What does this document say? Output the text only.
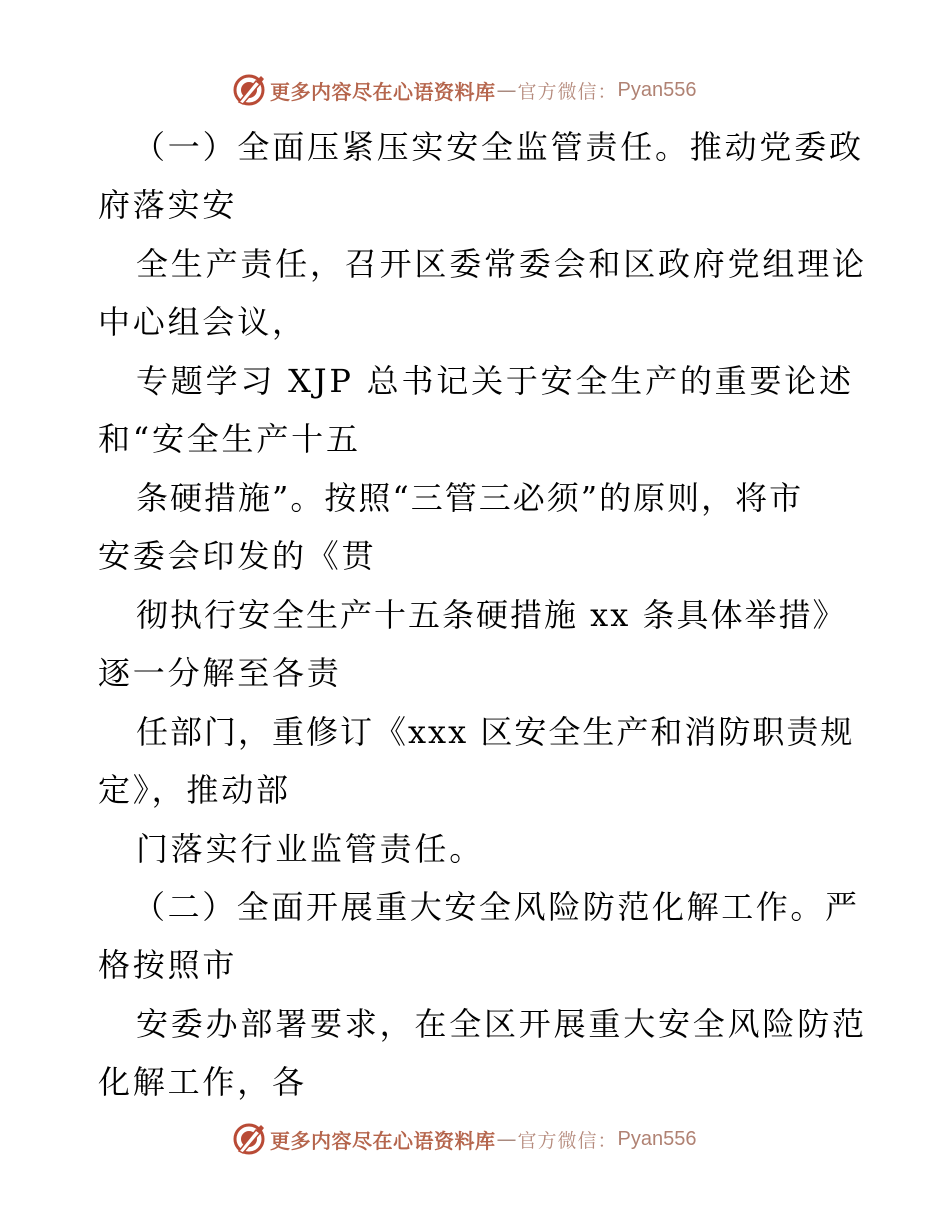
更多内容尽在心语资料库 — 官方微信： Pyan556
（一）全面压紧压实安全监管责任。推动党委政
府落实安
全生产责任，召开区委常委会和区政府党组理论
中心组会议，
专题学习 XJP 总书记关于安全生产的重要论述
和“安全生产十五
条硬措施”。按照“三管三必须”的原则，将市
安委会印发的《贯
彻执行安全生产十五条硬措施 xx 条具体举措》
逐一分解至各责
任部门，重修订《xxx 区安全生产和消防职责规
定》，推动部
门落实行业监管责任。
（二）全面开展重大安全风险防范化解工作。严
格按照市
安委办部署要求，在全区开展重大安全风险防范
化解工作，各
更多内容尽在心语资料库 — 官方微信： Pyan556
